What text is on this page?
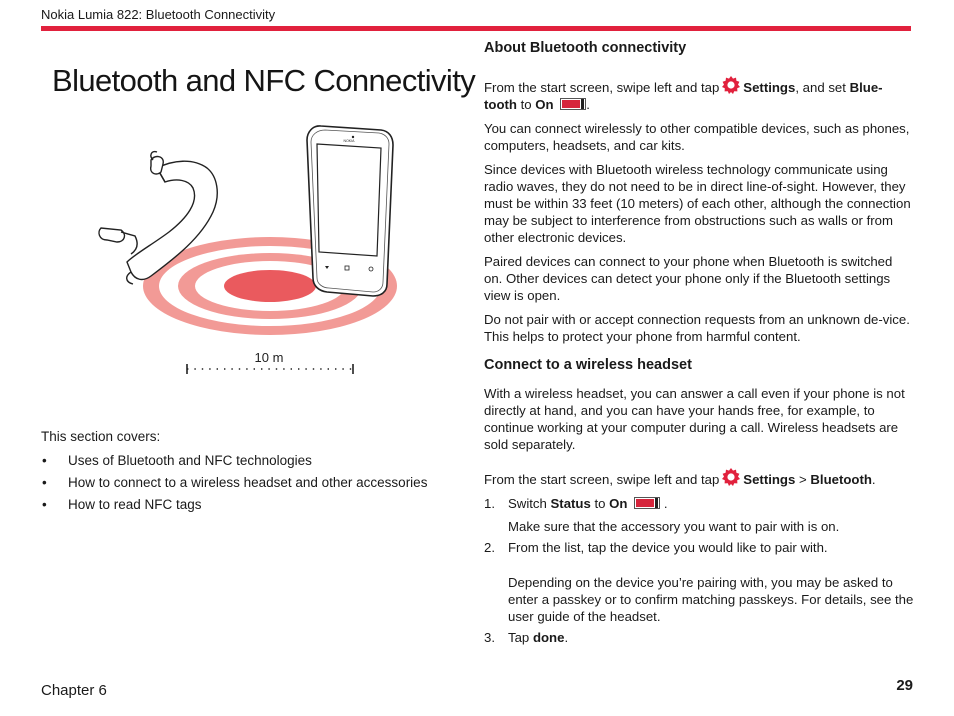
Nokia Lumia 822: Bluetooth Connectivity
Bluetooth and NFC Connectivity
NOKIA
10 m
This section covers:
• Uses of Bluetooth and NFC technologies
• How to connect to a wireless headset and other accessories
• How to read NFC tags
Chapter 6	29
About Bluetooth connectivity

From the start screen, swipe left and tap Settings, and set Blue-tooth to On .

You can connect wirelessly to other compatible devices, such as phones, computers, headsets, and car kits.

Since devices with Bluetooth wireless technology communicate using radio waves, they do not need to be in direct line-of-sight. However, they must be within 33 feet (10 meters) of each other, although the connection may be subject to interference from obstructions such as walls or from other electronic devices.

Paired devices can connect to your phone when Bluetooth is switched on. Other devices can detect your phone only if the Bluetooth settings view is open.

Do not pair with or accept connection requests from an unknown de-vice. This helps to protect your phone from harmful content.

Connect to a wireless headset

With a wireless headset, you can answer a call even if your phone is not directly at hand, and you can have your hands free, for example, to continue working at your computer during a call. Wireless headsets are sold separately.

From the start screen, swipe left and tap Settings > Bluetooth.

1. Switch Status to On	.
Make sure that the accessory you want to pair with is on.
2. From the list, tap the device you would like to pair with.
Depending on the device you’re pairing with, you may be asked to enter a passkey or to confirm matching passkeys. For details, see the user guide of the headset.
3. Tap done.
